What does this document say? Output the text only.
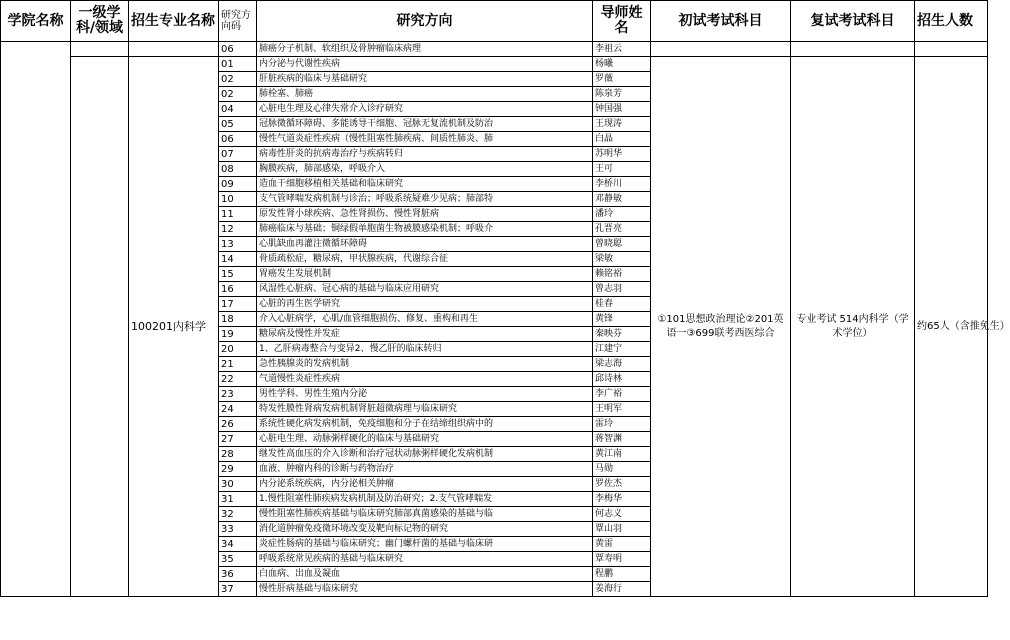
学院名称	一级学科/领域	招生专业名称	研究方向码	研究方向	导师姓名	初试考试科目	复试考试科目	招生人数
			06	肺癌分子机制、软组织及骨肿瘤临床病理	李祖云			
		100201内科学	01	内分泌与代谢性疾病	杨曦	①101思想政治理论②201英语一③699联考西医综合	专业考试 514内科学（学术学位）	约65人（含推免生）
			02	肝脏疾病的临床与基础研究	罗薇			
			02	肺栓塞、肺癌	陈泉芳			
			04	心脏电生理及心律失常介入诊疗研究	钟国强			
			05	冠脉微循环障碍、多能诱导干细胞、冠脉无复流机制及防治	王现涛			
			06	慢性气道炎症性疾病（慢性阻塞性肺疾病、间质性肺炎、肺	白晶			
			07	病毒性肝炎的抗病毒治疗与疾病转归	苏明华			
			08	胸膜疾病，肺部感染，呼吸介入	王可			
			09	造血干细胞移植相关基础和临床研究	李桥川			
			10	支气管哮喘发病机制与诊治；呼吸系统疑难少见病；肺部特	邓静敏			
			11	原发性肾小球疾病、急性肾损伤、慢性肾脏病	潘玲			
			12	肺癌临床与基础；铜绿假单胞菌生物被膜感染机制；呼吸介	孔晋亮			
			13	心肌缺血再灌注微循环障碍	曾晓聪			
			14	骨质疏松症，糖尿病，甲状腺疾病，代谢综合征	梁敏			
			15	胃癌发生发展机制	赖铭裕			
			16	风湿性心脏病、冠心病的基础与临床应用研究	曾志羽			
			17	心脏的再生医学研究	桂春			
			18	介入心脏病学，心肌/血管细胞损伤、修复、重构和再生	黄锋			
			19	糖尿病及慢性并发症	秦映芬			
			20	1、乙肝病毒整合与变异2、慢乙肝的临床转归	江建宁			
			21	急性胰腺炎的发病机制	梁志海			
			22	气道慢性炎症性疾病	邱诗林			
			23	男性学科、男性生殖内分泌	李广裕			
			24	特发性膜性肾病发病机制肾脏超微病理与临床研究	王明军			
			26	系统性硬化病发病机制，免疫细胞和分子在结缔组织病中的	雷玲			
			27	心脏电生理、动脉粥样硬化的临床与基础研究	蒋智渊			
			28	继发性高血压的介入诊断和治疗冠状动脉粥样硬化发病机制	黄江南			
			29	血液、肿瘤内科的诊断与药物治疗	马勋			
			30	内分泌系统疾病，内分泌相关肿瘤	罗佐杰			
			31	1.慢性阻塞性肺疾病发病机制及防治研究；2.支气管哮喘发	李梅华			
			32	慢性阻塞性肺疾病基础与临床研究肺部真菌感染的基础与临	何志义			
			33	消化道肿瘤免疫微环境改变及靶向标记物的研究	覃山羽			
			34	炎症性肠病的基础与临床研究；幽门螺杆菌的基础与临床研	黄雷			
			35	呼吸系统常见疾病的基础与临床研究	覃寿明			
			36	白血病、出血及凝血	程鹏			
			37	慢性肝病基础与临床研究	姜海行			
